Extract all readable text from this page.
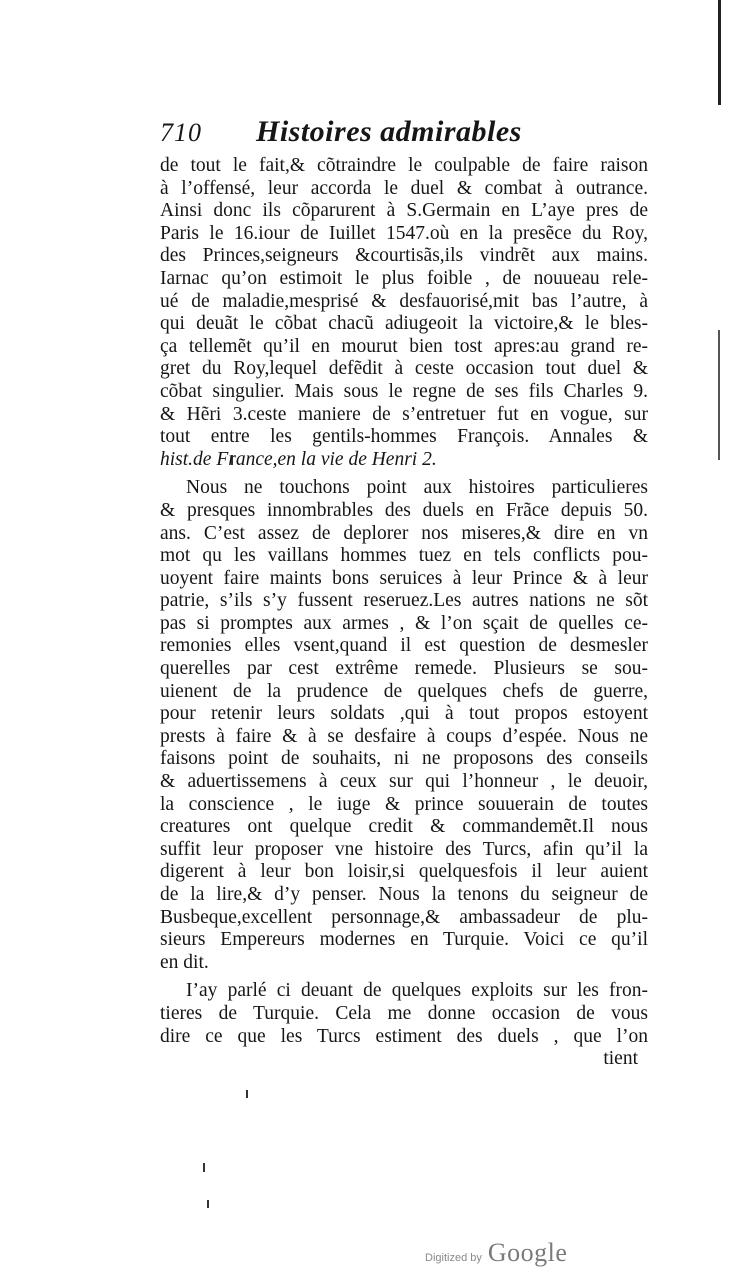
710	Histoires admirables
de tout le fait,& cõtraindre le coulpable de faire raison
à l’offensé, leur accorda le duel & combat à outrance.
Ainsi donc ils cõparurent à S.Germain en L’aye pres de
Paris le 16.iour de Iuillet 1547.où en la presẽce du Roy,
des Princes,seigneurs &courtisãs,ils vindrẽt aux mains.
Iarnac qu’on estimoit le plus foible , de nouueau rele-
ué de maladie,mesprisé & desfauorisé,mit bas l’autre, à
qui deuãt le cõbat chacũ adiugeoit la victoire,& le bles-
ça tellemẽt qu’il en mourut bien tost apres:au grand re-
gret du Roy,lequel defẽdit à ceste occasion tout duel &
cõbat singulier. Mais sous le regne de ses fils Charles 9.
& Hẽri 3.ceste maniere de s’entretuer fut en vogue, sur
tout entre les gentils-hommes François. Annales &
hist.de France,en la vie de Henri 2.
Nous ne touchons point aux histoires particulieres
& presques innombrables des duels en Frãce depuis 50.
ans. C’est assez de deplorer nos miseres,& dire en vn
mot qu les vaillans hommes tuez en tels conflicts pou-
uoyent faire maints bons seruices à leur Prince & à leur
patrie, s’ils s’y fussent reseruez.Les autres nations ne sõt
pas si promptes aux armes , & l’on sçait de quelles ce-
remonies elles vsent,quand il est question de desmesler
querelles par cest extrême remede. Plusieurs se sou-
uienent de la prudence de quelques chefs de guerre,
pour retenir leurs soldats ,qui à tout propos estoyent
prests à faire & à se desfaire à coups d’espée. Nous ne
faisons point de souhaits, ni ne proposons des conseils
& aduertissemens à ceux sur qui l’honneur , le deuoir,
la conscience , le iuge & prince souuerain de toutes
creatures ont quelque credit & commandemẽt.Il nous
suffit leur proposer vne histoire des Turcs, afin qu’il la
digerent à leur bon loisir,si quelquesfois il leur auient
de la lire,& d’y penser. Nous la tenons du seigneur de
Busbeque,excellent personnage,& ambassadeur de plu-
sieurs Empereurs modernes en Turquie. Voici ce qu’il
en dit.
I’ay parlé ci deuant de quelques exploits sur les fron-
tieres de Turquie. Cela me donne occasion de vous
dire ce que les Turcs estiment des duels , que l’on
tient
Digitized by Google
